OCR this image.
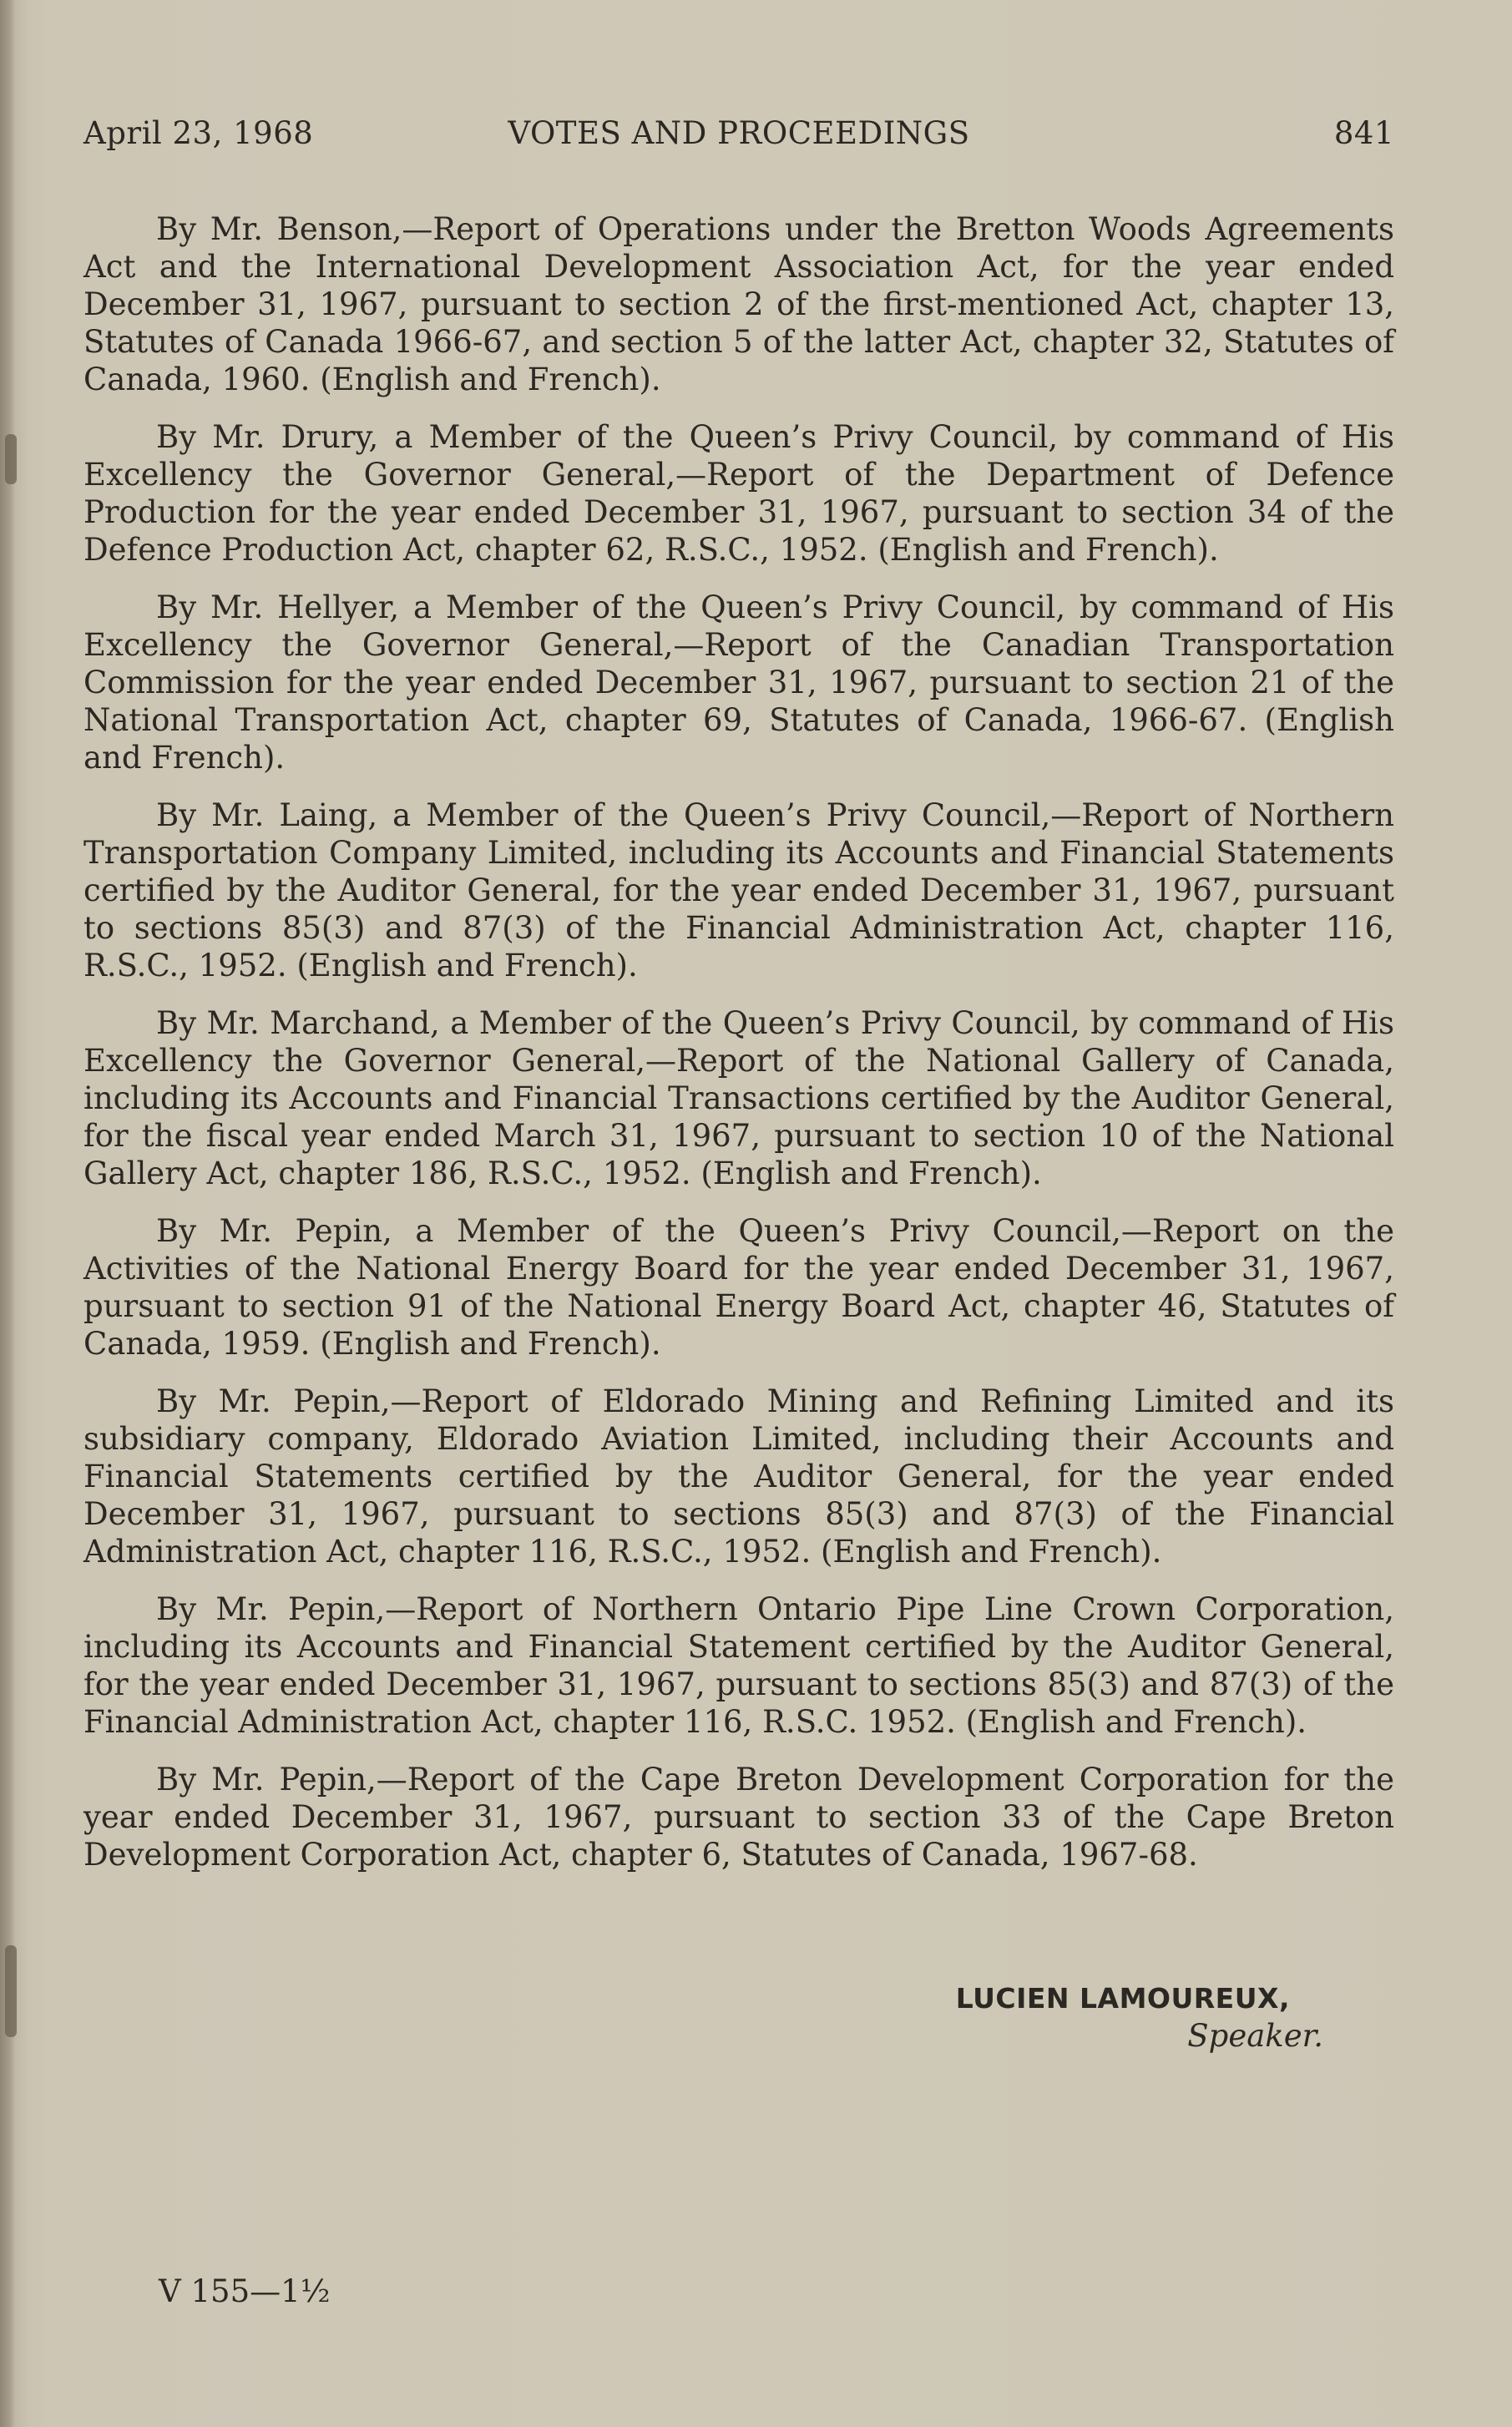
April 23, 1968	VOTES AND PROCEEDINGS	841

By Mr. Benson,—Report of Operations under the Bretton Woods Agreements Act and the International Development Association Act, for the year ended December 31, 1967, pursuant to section 2 of the first-mentioned Act, chapter 13, Statutes of Canada 1966-67, and section 5 of the latter Act, chapter 32, Statutes of Canada, 1960. (English and French).

By Mr. Drury, a Member of the Queen’s Privy Council, by command of His Excellency the Governor General,—Report of the Department of Defence Production for the year ended December 31, 1967, pursuant to section 34 of the Defence Production Act, chapter 62, R.S.C., 1952. (English and French).

By Mr. Hellyer, a Member of the Queen’s Privy Council, by command of His Excellency the Governor General,—Report of the Canadian Transportation Commission for the year ended December 31, 1967, pursuant to section 21 of the National Transportation Act, chapter 69, Statutes of Canada, 1966-67. (English and French).

By Mr. Laing, a Member of the Queen’s Privy Council,—Report of Northern Transportation Company Limited, including its Accounts and Financial Statements certified by the Auditor General, for the year ended December 31, 1967, pursuant to sections 85(3) and 87(3) of the Financial Administration Act, chapter 116, R.S.C., 1952. (English and French).

By Mr. Marchand, a Member of the Queen’s Privy Council, by command of His Excellency the Governor General,—Report of the National Gallery of Canada, including its Accounts and Financial Transactions certified by the Auditor General, for the fiscal year ended March 31, 1967, pursuant to section 10 of the National Gallery Act, chapter 186, R.S.C., 1952. (English and French).

By Mr. Pepin, a Member of the Queen’s Privy Council,—Report on the Activities of the National Energy Board for the year ended December 31, 1967, pursuant to section 91 of the National Energy Board Act, chapter 46, Statutes of Canada, 1959. (English and French).

By Mr. Pepin,—Report of Eldorado Mining and Refining Limited and its subsidiary company, Eldorado Aviation Limited, including their Accounts and Financial Statements certified by the Auditor General, for the year ended December 31, 1967, pursuant to sections 85(3) and 87(3) of the Financial Administration Act, chapter 116, R.S.C., 1952. (English and French).

By Mr. Pepin,—Report of Northern Ontario Pipe Line Crown Corporation, including its Accounts and Financial Statement certified by the Auditor General, for the year ended December 31, 1967, pursuant to sections 85(3) and 87(3) of the Financial Administration Act, chapter 116, R.S.C. 1952. (English and French).

By Mr. Pepin,—Report of the Cape Breton Development Corporation for the year ended December 31, 1967, pursuant to section 33 of the Cape Breton Development Corporation Act, chapter 6, Statutes of Canada, 1967-68.

LUCIEN LAMOUREUX,
Speaker.
V 155—1½
